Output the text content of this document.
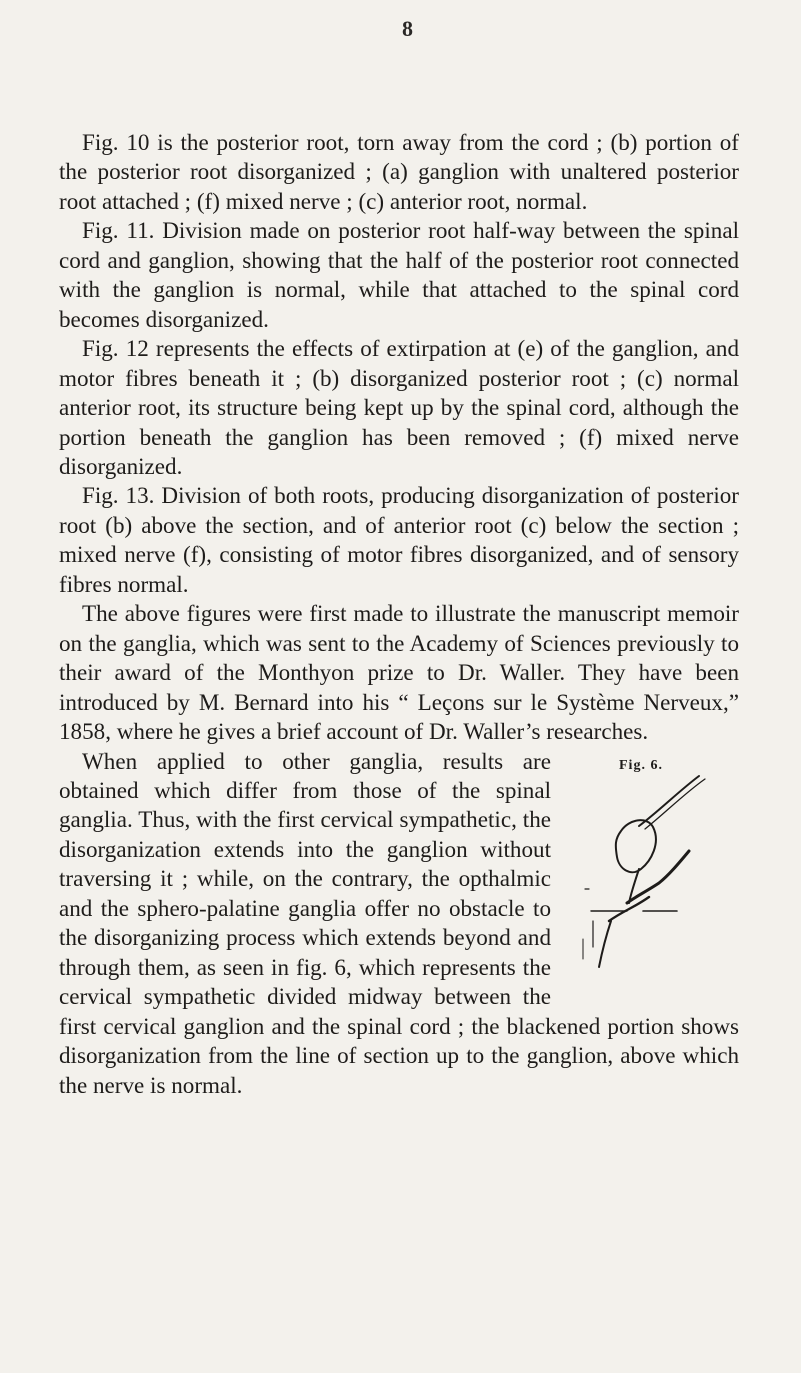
8

Fig. 10 is the posterior root, torn away from the cord ; (b) portion of the posterior root disorganized ; (a) ganglion with unaltered posterior root attached ; (f) mixed nerve ; (c) anterior root, normal.

Fig. 11. Division made on posterior root half-way between the spinal cord and ganglion, showing that the half of the posterior root connected with the ganglion is normal, while that attached to the spinal cord becomes disorganized.

Fig. 12 represents the effects of extirpation at (e) of the ganglion, and motor fibres beneath it ; (b) disorganized posterior root ; (c) normal anterior root, its structure being kept up by the spinal cord, although the portion beneath the ganglion has been removed ; (f) mixed nerve disorganized.

Fig. 13. Division of both roots, producing disorganization of posterior root (b) above the section, and of anterior root (c) below the section ; mixed nerve (f), consisting of motor fibres disorganized, and of sensory fibres normal.

The above figures were first made to illustrate the manuscript memoir on the ganglia, which was sent to the Academy of Sciences previously to their award of the Monthyon prize to Dr. Waller. They have been introduced by M. Bernard into his “ Leçons sur le Système Nerveux,” 1858, where he gives a brief account of Dr. Waller’s researches.

Fig. 6.

When applied to other ganglia, results are obtained which differ from those of the spinal ganglia. Thus, with the first cervical sympathetic, the disorganization extends into the ganglion without traversing it ; while, on the contrary, the opthalmic and the sphero-palatine ganglia offer no obstacle to the disorganizing process which extends beyond and through them, as seen in fig. 6, which represents the cervical sympathetic divided midway between the first cervical ganglion and the spinal cord ; the blackened portion shows disorganization from the line of section up to the ganglion, above which the nerve is normal.
